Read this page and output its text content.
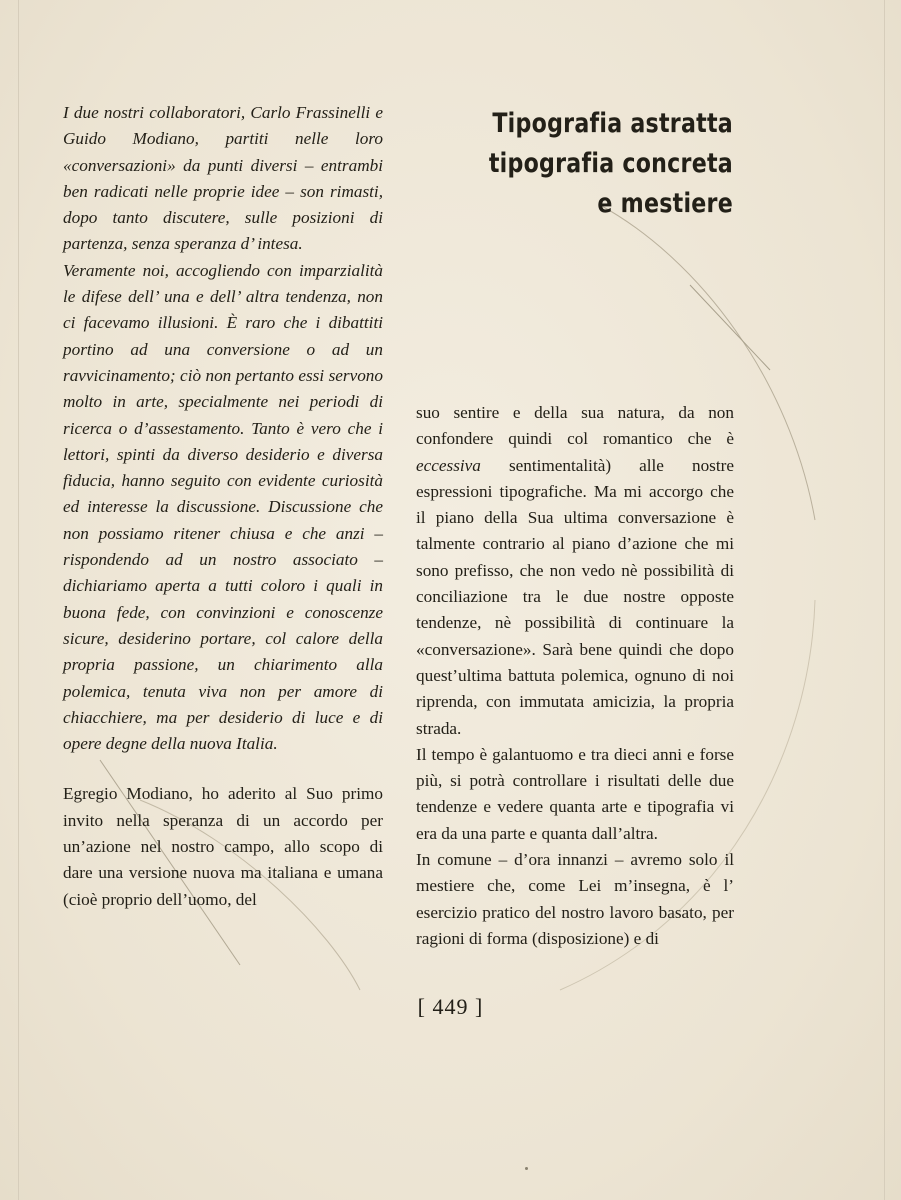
Tipografia astratta
tipografia concreta
e mestiere

I due nostri collaboratori, Carlo Frassinelli e Guido Modiano, partiti nelle loro «conversazioni» da punti diversi – entrambi ben radicati nelle proprie idee – son rimasti, dopo tanto discutere, sulle posizioni di partenza, senza speranza d’ intesa.

Veramente noi, accogliendo con imparzialità le difese dell’ una e dell’ altra tendenza, non ci facevamo illusioni. È raro che i dibattiti portino ad una conversione o ad un ravvicinamento; ciò non pertanto essi servono molto in arte, specialmente nei periodi di ricerca o d’assestamento. Tanto è vero che i lettori, spinti da diverso desiderio e diversa fiducia, hanno seguito con evidente curiosità ed interesse la discussione. Discussione che non possiamo ritener chiusa e che anzi – rispondendo ad un nostro associato – dichiariamo aperta a tutti coloro i quali in buona fede, con convinzioni e conoscenze sicure, desiderino portare, col calore della propria passione, un chiarimento alla polemica, tenuta viva non per amore di chiacchiere, ma per desiderio di luce e di opere degne della nuova Italia.

Egregio Modiano, ho aderito al Suo primo invito nella speranza di un accordo per un’azione nel nostro campo, allo scopo di dare una versione nuova ma italiana e umana (cioè proprio dell’uomo, del

suo sentire e della sua natura, da non confondere quindi col romantico che è eccessiva sentimentalità) alle nostre espressioni tipografiche. Ma mi accorgo che il piano della Sua ultima conversazione è talmente contrario al piano d’azione che mi sono prefisso, che non vedo nè possibilità di conciliazione tra le due nostre opposte tendenze, nè possibilità di continuare la «conversazione». Sarà bene quindi che dopo quest’ultima battuta polemica, ognuno di noi riprenda, con immutata amicizia, la propria strada.

Il tempo è galantuomo e tra dieci anni e forse più, si potrà controllare i risultati delle due tendenze e vedere quanta arte e tipografia vi era da una parte e quanta dall’altra.

In comune – d’ora innanzi – avremo solo il mestiere che, come Lei m’insegna, è l’ esercizio pratico del nostro lavoro basato, per ragioni di forma (disposizione) e di

[ 449 ]
